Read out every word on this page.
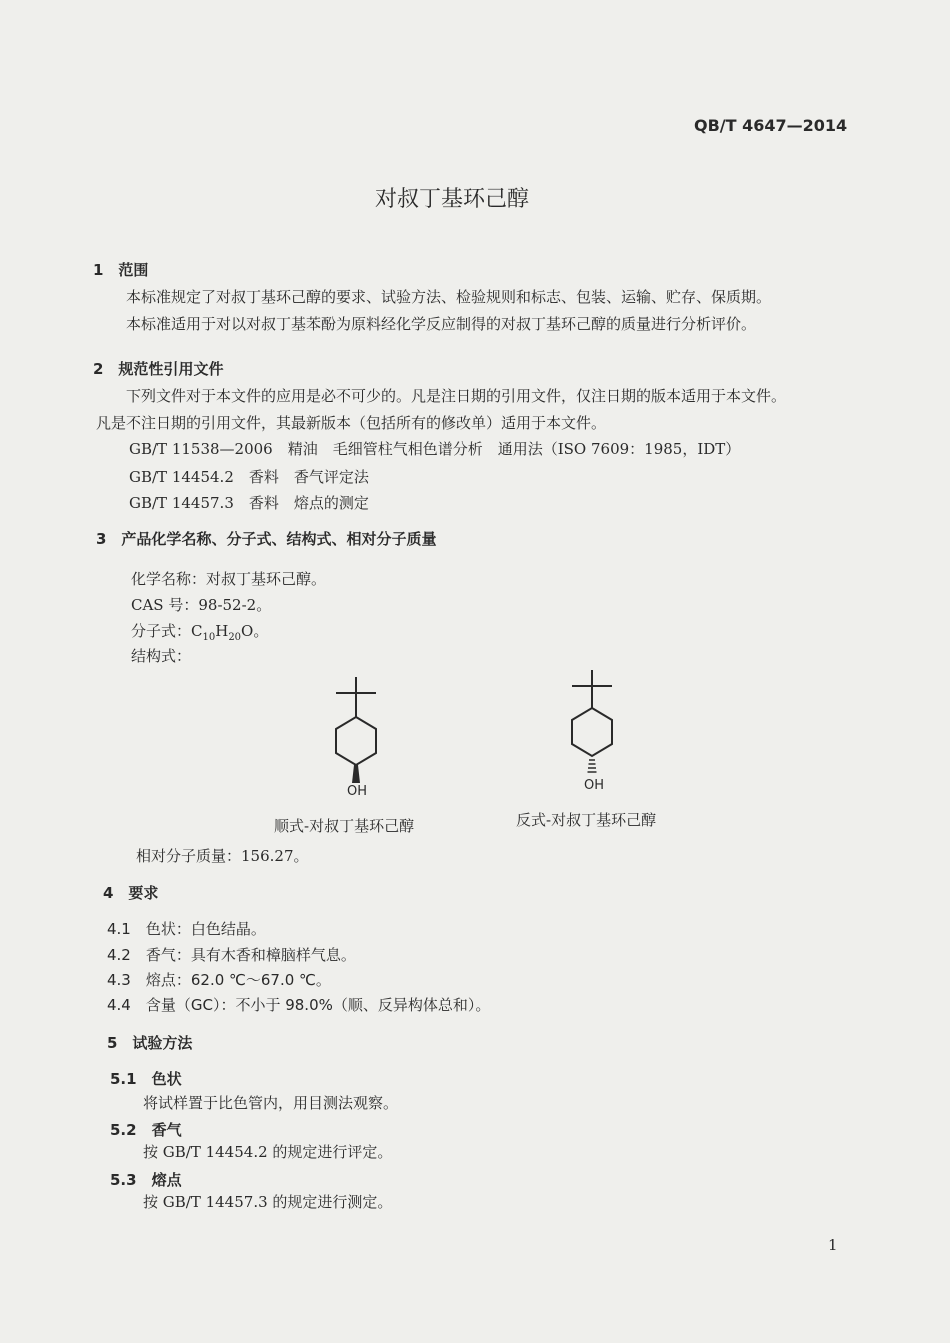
QB/T 4647—2014
对叔丁基环己醇
1　范围
本标准规定了对叔丁基环己醇的要求、试验方法、检验规则和标志、包装、运输、贮存、保质期。
本标准适用于对以对叔丁基苯酚为原料经化学反应制得的对叔丁基环己醇的质量进行分析评价。
2　规范性引用文件
下列文件对于本文件的应用是必不可少的。凡是注日期的引用文件，仅注日期的版本适用于本文件。
凡是不注日期的引用文件，其最新版本（包括所有的修改单）适用于本文件。
GB/T 11538—2006　精油　毛细管柱气相色谱分析　通用法（ISO 7609：1985，IDT）
GB/T 14454.2　香料　香气评定法
GB/T 14457.3　香料　熔点的测定
3　产品化学名称、分子式、结构式、相对分子质量
化学名称：对叔丁基环己醇。
CAS 号：98-52-2。
分子式：$C_{10}H_{20}O$。
结构式：
OH
顺式-对叔丁基环己醇
OH
反式-对叔丁基环己醇
相对分子质量：156.27。
4　要求
4.1　色状：白色结晶。
4.2　香气：具有木香和樟脑样气息。
4.3　熔点：62.0 ℃～67.0 ℃。
4.4　含量（GC）：不小于 98.0%（顺、反异构体总和）。
5　试验方法
5.1　色状
将试样置于比色管内，用目测法观察。
5.2　香气
按 GB/T 14454.2 的规定进行评定。
5.3　熔点
按 GB/T 14457.3 的规定进行测定。
1
